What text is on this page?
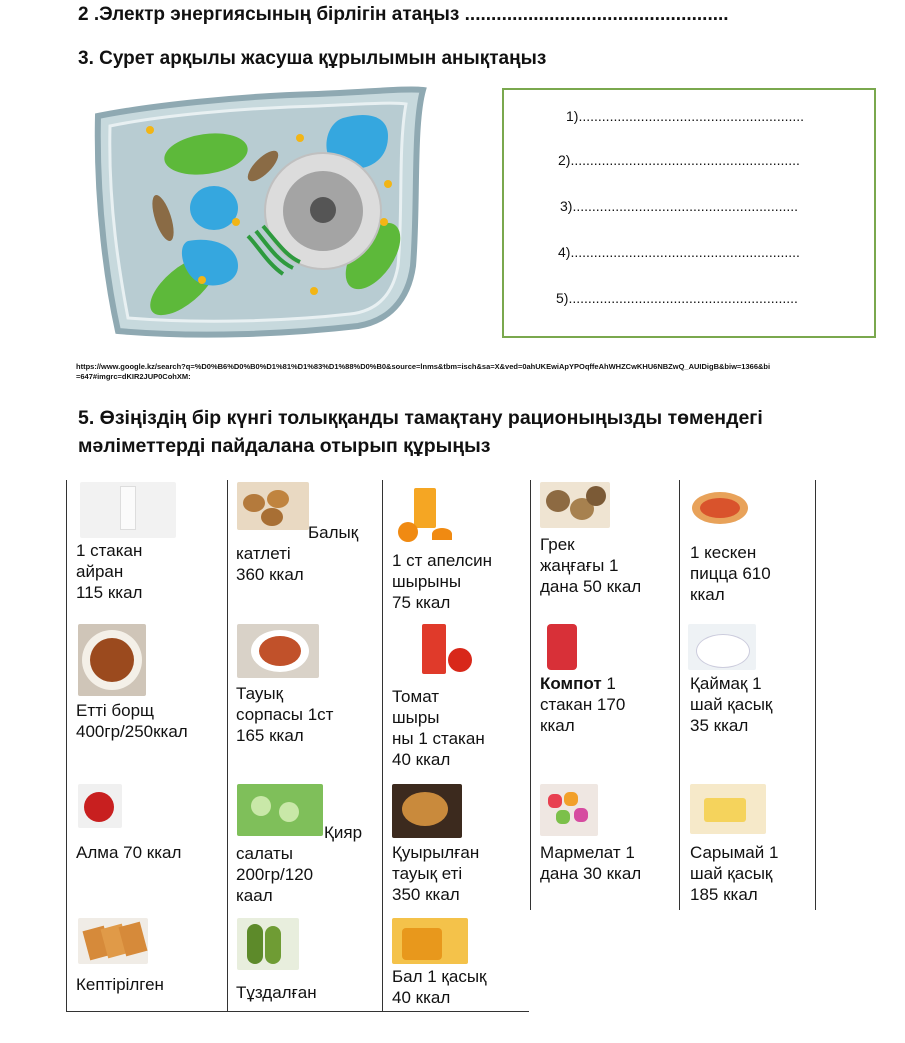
2 .Электр энергиясының бірлігін атаңыз ..................................................
3. Сурет арқылы жасуша құрылымын анықтаңыз
1)..........................................................
2)...........................................................
3)..........................................................
4)...........................................................
5)...........................................................
https://www.google.kz/search?q=%D0%B6%D0%B0%D1%81%D1%83%D1%88%D0%B0&source=lnms&tbm=isch&sa=X&ved=0ahUKEwiApYPOqffeAhWHZCwKHU6NBZwQ_AUIDigB&biw=1366&bi
=647#imgrc=dKIR2JUP0CohXM:
5. Өзіңіздің бір күнгі толыққанды тамақтану рационыңызды төмендегі мәліметтерді пайдалана отырып құрыңыз
1 стакан
айран
115 ккал
Балық
катлеті
360 ккал
1 ст апелсин
шырыны
75 ккал
Грек
жаңғағы 1
дана 50 ккал
1 кескен
пицца 610
ккал
Етті борщ
400гр/250ккал
Тауық
сорпасы 1ст
165 ккал
Томат
шыры
ны 1 стакан
40 ккал
Компот 1
стакан 170
ккал
Қаймақ 1
шай қасық
35 ккал
Алма 70 ккал
Қияр
салаты
200гр/120
каал
Қуырылған
тауық еті
350 ккал
Мармелат 1
дана 30 ккал
Сарымай 1
шай қасық
185 ккал
Кептірілген	Тұздалған
Бал 1 қасық
40 ккал
